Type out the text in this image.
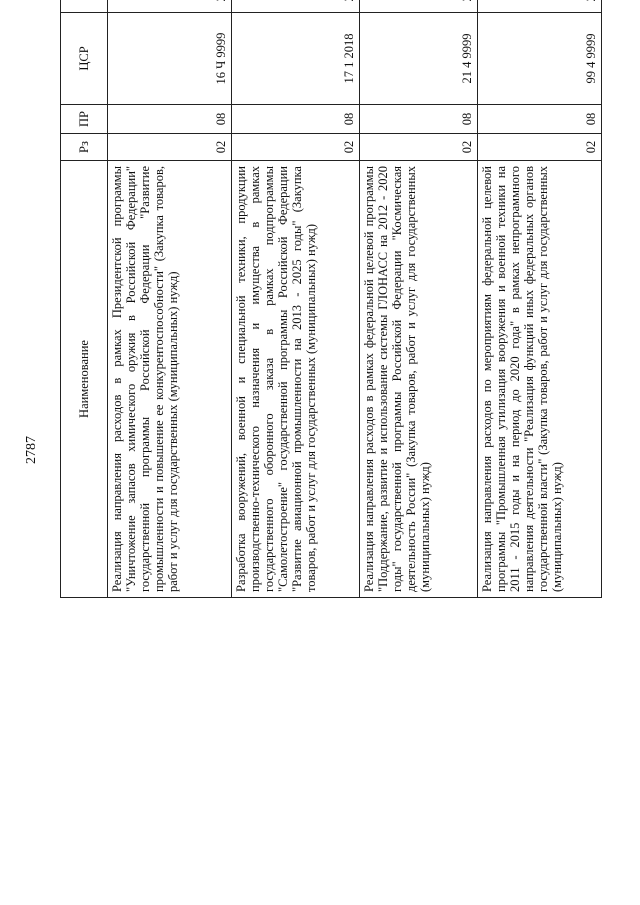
2787
Наименование	Рз	ПР	ЦСР		
Реализация направления расходов в рамках Президентской программы "Уничтожение запасов химического оружия в Российской Федерации" государственной программы Российской Федерации "Развитие промышленности и повышение ее конкурентоспособности" (Закупка товаров, работ и услуг для государственных (муниципальных) нужд)	02	08	16 Ч 9999		
Разработка вооружений, военной и специальной техники, продукции производственно-технического назначения и имущества в рамках государственного оборонного заказа в рамках подпрограммы "Самолетостроение" государственной программы Российской Федерации "Развитие авиационной промышленности на 2013 - 2025 годы" (Закупка товаров, работ и услуг для государственных (муниципальных) нужд)	02	08	17 1 2018		
Реализация направления расходов в рамках федеральной целевой программы "Поддержание, развитие и использование системы ГЛОНАСС на 2012 - 2020 годы" государственной программы Российской Федерации "Космическая деятельность России" (Закупка товаров, работ и услуг для государственных (муниципальных) нужд)	02	08	21 4 9999		
Реализация направления расходов по мероприятиям федеральной целевой программы "Промышленная утилизация вооружения и военной техники на 2011 - 2015 годы и на период до 2020 года" в рамках непрограммного направления деятельности "Реализация функций иных федеральных органов государственной власти" (Закупка товаров, работ и услуг для государственных (муниципальных) нужд)	02	08	99 4 9999		
